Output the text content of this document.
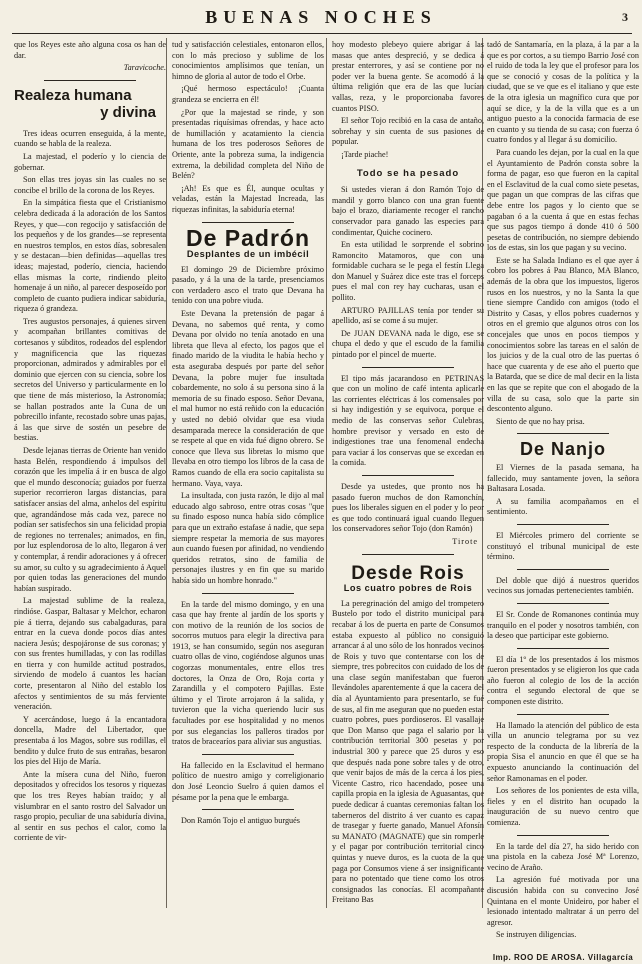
BUENAS NOCHES	3

que los Reyes este año alguna cosa os han de dar.

Taravicoche.

Realeza humana
y divina

Tres ideas ocurren enseguida, á la mente, cuando se habla de la realeza.

La majestad, el poderío y lo ciencia de gobernar.

Son ellas tres joyas sin las cuales no se concibe el brillo de la corona de los Reyes.

En la simpática fiesta que el Cristianismo celebra dedicada á la adoración de los Santos Reyes, y que—con regocijo y satisfacción de los pequeños y de los grandes—se representa en nuestros templos, en estos días, sobresalen y se destacan—bien definidas—aquellas tres ideas; majestad, poderío, ciencia, haciendo ellas mismas la corte, rindiendo pleito homenaje á un niño, al parecer desposeído por completo de cuanto pudiera indicar sabiduría, riqueza ó grandeza.

Tres augustos personajes, á quienes sirven y acompañan brillantes comitivas de cortesanos y súbditos, rodeados del esplendor y magnificencia que las riquezas proporcionan, admirados y admirables por el dominio que ejercen con su ciencia, sobre los secretos del Universo y particularmente en lo que tiene de más misterioso, la Astronomía; se hallan postrados ante la Cuna de un pobrecillo infante, recostado sobre unas pajas, á las que sirve de sostén un pesebre de bestias.

Desde lejanas tierras de Oriente han venido hasta Belén, respondiendo á impulsos del corazón que les impelía á ir en busca de algo que el mundo desconocía; guiados por fuerza superior recorrieron largas distancias, para satisfacer ansias del alma, anhelos del espíritu que, agrandándose más cada vez, parece no podían ser satisfechos sin una felicidad propia de regiones no terrenales; animados, en fin, por luz esplendorosa de lo alto, llegaron á ver y contemplar, á rendir adoraciones y á ofrecer su amor, su culto y su agradecimiento á Aquel por quien todas las generaciones del mundo habían suspirado.

La majestad sublime de la realeza, rindióse. Gaspar, Baltasar y Melchor, echaron pie á tierra, dejando sus cabalgaduras, para entrar en la cueva donde pocos días antes naciera Jesús; despojáronse de sus coronas; y con sus frentes humilladas, y con las rodillas en tierra y con humilde actitud postrados, sirviendo de modelo á cuantos les hacían corte, presentaron al Niño del establo los afectos y sentimientos de su más ferviente veneración.

Y acercándose, luego á la encantadora doncella, Madre del Libertador, que presentaba á los Magos, sobre sus rodillas, el bendito y dulce fruto de sus entrañas, besaron los pies del Hijo de María.

Ante la mísera cuna del Niño, fueron depositados y ofrecidos los tesoros y riquezas que los tres Reyes habían traído; y al vislumbrar en el santo rostro del Salvador un rasgo propio, peculiar de una sabiduría divina, al sentir en sus pechos el calor, como la corriente de vir-

tud y satisfacción celestiales, entonaron ellos, con lo más precioso y sublime de los conocimientos amplísimos que tenían, un himno de gloria al autor de todo el Orbe.

¡Qué hermoso espectáculo! ¡Cuanta grandeza se encierra en él!

¿Por que la majestad se rinde, y son presentadas riquísimas ofrendas, y hace acto de humillación y acatamiento la ciencia humana de los tres poderosos Señores de Oriente, ante la pobreza suma, la indigencia extrema, la debilidad completa del Niño de Belén?

¡Ah! Es que es Él, aunque ocultas y veladas, están la Majestad Increada, las riquezas infinitas, la sabiduría eterna!

De Padrón
Desplantes de un imbécil

El domingo 29 de Diciembre próximo pasado, y á la una de la tarde, presenciamos con verdadero asco el trato que Devana ha tenido con una pobre viuda.

Este Devana la pretensión de pagar á Devana, no sabemos qué renta, y como Devana por olvido no tenía anotado en una libreta que lleva al efecto, los pagos que el finado marido de la viudita le había hecho y esta aseguraba después por parte del señor Devana, la pobre mujer fue insultada cobardemente, no solo á su persona sino á la memoria de su finado esposo. Señor Devana, el mal humor no está reñido con la educación y usted no debió olvidar que esa viuda desamparada merece la consideración de que se respete al que en vida fué digno obrero. Se conoce que lleva sus libretas lo mismo que llevaba en otro tiempo los libros de la casa de Ramos cuando de ella era socio capitalista su hermano. Vaya, vaya.

La insultada, con justa razón, le dijo al mal educado algo sabroso, entre otras cosas "que su finado esposo nunca había sido cómplice para que un extraño estafase á nadie, que sepa siempre respetar la memoria de sus mayores aun cuando fuesen por afinidad, no vendiendo queridos retratos, sino de familia de personajes ilustres y en fin que su marido había sido un hombre honrado."

En la tarde del mismo domingo, y en una casa que hay frente al jardín de los sports y con motivo de la reunión de los socios de socorros mutuos para elegir la directiva para 1913, se han consumido, según nos aseguran cuatro ollas de vino, cogiéndose algunos unas cogorzas monumentales, entre ellos tres doctores, la Onza de Oro, Roja corta y Zarandilla y el compotero Pajillas. Este último y el Tirote arrojaron á la salida, y tuvieron que la vicha queriendo lucir sus facultades por ese hospitalidad y no menos por sus elegancias los palleros tirados por tratos de bracearíos para aliviar sus angustias.

Ha fallecido en la Esclavitud el hermano político de nuestro amigo y correligionario don José Leoncio Suelro á quien damos el pésame por la pena que le embarga.

Don Ramón Tojo el antiguo burgués

hoy modesto plebeyo quiere abrigar á las masas que antes despreció, y se dedica á prestar enterrores, y así se contiene por no poder ver la buena gente. Se acomodó á la última religión que era de las que lucían vallas, reza, y le proporcionaba favores cuantos PISO.

El señor Tojo recibió en la casa de antaño, sobrehay y sin cuenta de sus pasiones de popular.

¡Tarde piache!

Todo se ha pesado

Si ustedes vieran á don Ramón Tojo de mandil y gorro blanco con una gran fuente bajo el brazo, diariamente recoger el rancho conservador para ganado las especies para condimentar, Quiche cocinero.

En esta utilidad le sorprende el sobrino Ramoncito Matamoros, que con una formidable cuchara se le pega el festín Llega don Manuel y Suárez dice este tras el forceps pues el mal con rey hay cucharas, usan el pollito.

ARTURO PAJILLAS tenía por tender su apellido, así se come á su mujer.

De JUAN DEVANA nada le digo, ese se chupa el dedo y que el escudo de la familia pintado por el pincel de muerte.

El tipo más jacarandoso en PETRINAS que con un molino de café intenta aplicarle las corrientes eléctricas á los comensales por si hay indigestión y se equivoca, porque el medio de las conservas señor Culebras, hombre previsor y versado en esto de indigestiones trae una fenomenal endecha para vaciar á los conservas que se excedan en la comida.

Desde ya ustedes, que pronto nos ha pasado fueron muchos de don Ramonchín, pues los liberales siguen en el poder y lo peor es que todo continuará igual cuando lleguen los conservadores señor Tojo (don Ramón)

Tirote

Desde Rois
Los cuatro pobres de Rois

La peregrinación del amigo del trompetero Bustelo por todo el distrito municipal para recabar á los de puerta en parte de Consumos estaba expuesto al público no consiguió arrancar á al uno sólo de los honrados vecinos de Rois y tuvo que contentarse con los de siempre, tres pobrecitos con cuidado de los de una clase según manifestaban que fueron llevándoles aparentemente á que la cacera del día al Ayuntamiento para presentarlo, se fué de sus, al fin me aseguran que no pueden estar cuatro pobres, pues pordioseros. El vasallaje que Don Manso que paga el salario por la contribución territorial 300 pesetas y por industrial 300 y parece que 25 duros y eso que después nada pone sobre tales y de otro, que venir bajos de más de la cerca á los pies, Vicente Castro, rico hacendado, posee una capilla propia en la iglesia de Aguasantas, que puede dedicar á cuantas ceremonias faltan los taberneros del distrito á ver cuanto es capaz de trasegar y fuerte ganado, Manuel Afonsín su MANATO (MAGNATE) que sin romperle y el pagar por contribución territorial cinco quintas y nueve duros, es la cuota de la que paga por Consumos viene á ser insignificante para no potentado que tiene como los otros consignados las conocías. El acompañante Freitano Bas

tadó de Santamaría, en la plaza, á la par a la que es por cortos, a su tiempo Barrio José con el ruido de toda la ley que el profesor para los que se conoció y cosas de la política y la ciudad, que se ve que es el italiano y que este de la otra iglesia un magnífico cura que por aquí se dice, y la de la villa que es a un antiguo puesto a la conocida farmacia de ese en cuanto y su tienda de su casa; con fuerza ó cuatro fondos y al llegar á su domicilio.

Para cuando les dejan, por la cual en la que el Ayuntamiento de Padrón consta sobre la forma de pagar, eso que fueron en la capital en el Esclavitud de la cual como siete pesetas, que pagan un que compras de las cifras que debe entre los pagos y lo ciento que se pagaban ó a la cuenta á que en estas fechas que sus pagos tiempo á donde 410 ó 500 pesetas de contribución, no siempre debiendo los de estas, sin los que pagan y su vecino.

Este se ha Salada Indiano es el que ayer á cobro los pobres á Pau Blanco, MA Blanco, además de la obra que los impuestos, ligeros rusos en los nuestros, y no la Santa la que tiene siempre Candido con amigos (todo el Distrito y Casas, y ellos pobres cuadernos y otros en el gremio que algunos otros con los concejales que unos en pocos tiempos y conocimientos sobre las tareas en el salón de los juicios y de la cual otro de las puertas ó hace que cuarenta y de ese año el puerto que la Batarda, que se dice de mal decir en la lista en las que se repite que con el abogado de la villa de su casa, solo que la parte sin descontento alguno.

Siento de que no hay prisa.

De Nanjo

El Viernes de la pasada semana, ha fallecido, muy santamente joven, la señora Baltasara Losada.

A su familia acompañamos en el sentimiento.

El Miércoles primero del corriente se constituyó el tribunal municipal de este término.

Del doble que dijó á nuestros queridos vecinos sus jornadas pertenecientes también.

El Sr. Conde de Romanones continúa muy tranquilo en el poder y nosotros también, con la deseo que participar este gobierno.

El día 1º de los presentados á los mismos fueron presentados y se eligieron los que cada año fueron al colegio de los de la acción contra el segundo electoral de que se componen este distrito.

Ha llamado la atención del público de esta villa un anuncio telegrama por su vez respecto de la conducta de la librería de la propia Sisa el anuncio en que él que se ha expuesto anunciando la continuación del señor Ramonamas en el poder.

Los señores de los ponientes de esta villa, fieles y en el distrito han ocupado la inauguración de su nuevo centro que comienza.

En la tarde del día 27, ha sido herido con una pistola en la cabeza José Mª Lorenzo, vecino de Araño.

La agresión fué motivada por una discusión habida con su convecino José Quintana en el monte Unideiro, por haber el lesionado intentado maltratar á un perro del agresor.

Se instruyen diligencias.

Imp. ROO DE AROSA. Villagarcía
